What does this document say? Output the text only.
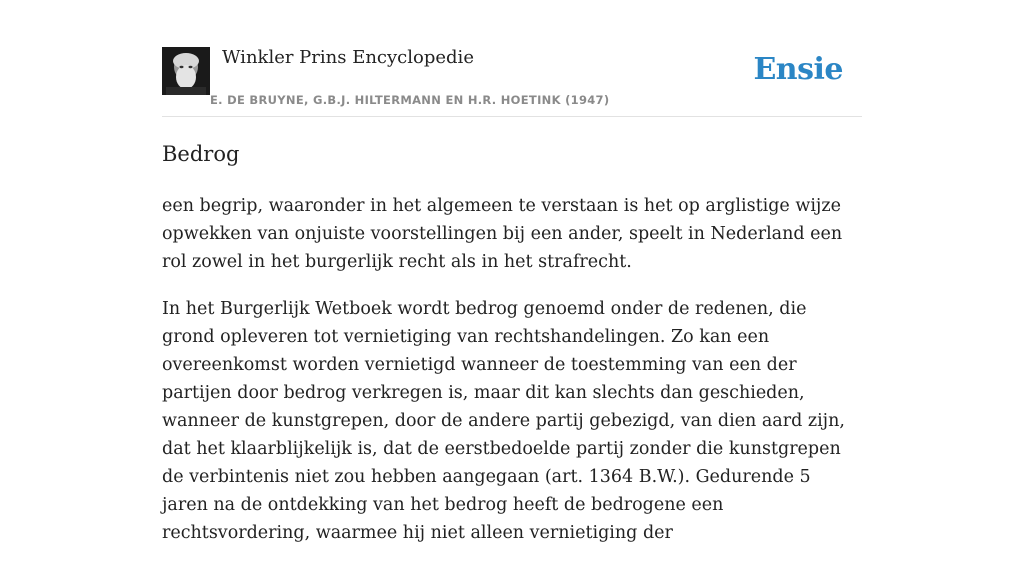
Winkler Prins Encyclopedie
E. DE BRUYNE, G.B.J. HILTERMANN EN H.R. HOETINK (1947)
Ensie
Bedrog

een begrip, waaronder in het algemeen te verstaan is het op arglistige wijze opwekken van onjuiste voorstellingen bij een ander, speelt in Nederland een rol zowel in het burgerlijk recht als in het strafrecht.

In het Burgerlijk Wetboek wordt bedrog genoemd onder de redenen, die grond opleveren tot vernietiging van rechtshandelingen. Zo kan een overeenkomst worden vernietigd wanneer de toestemming van een der partijen door bedrog verkregen is, maar dit kan slechts dan geschieden, wanneer de kunstgrepen, door de andere partij gebezigd, van dien aard zijn, dat het klaarblijkelijk is, dat de eerstbedoelde partij zonder die kunstgrepen de verbintenis niet zou hebben aangegaan (art. 1364 B.W.). Gedurende 5 jaren na de ontdekking van het bedrog heeft de bedrogene een rechtsvordering, waarmee hij niet alleen vernietiging der
